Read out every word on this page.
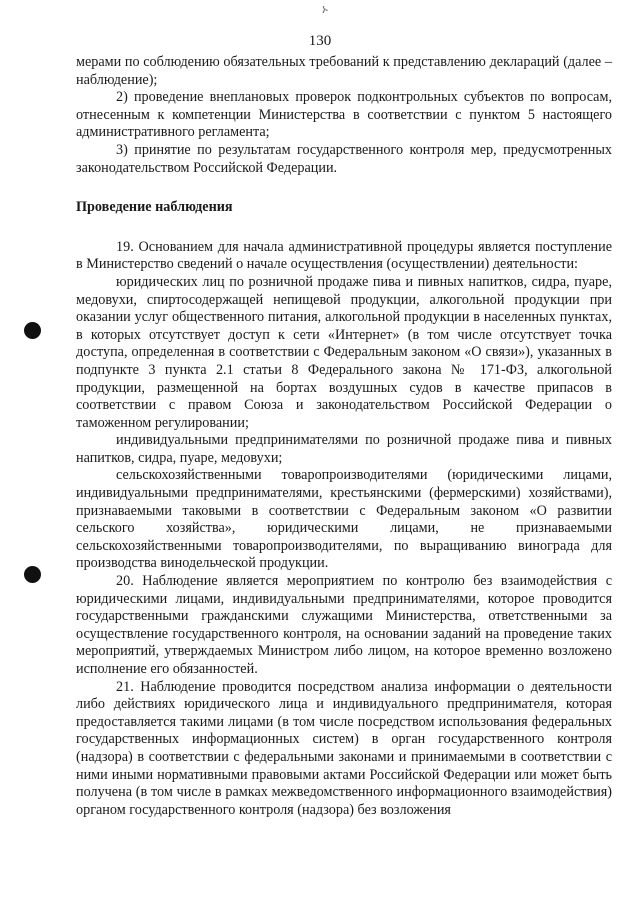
ኑ
130

мерами по соблюдению обязательных требований к представлению деклараций (далее – наблюдение);

2) проведение внеплановых проверок подконтрольных субъектов по вопросам, отнесенным к компетенции Министерства в соответствии с пунктом 5 настоящего административного регламента;

3) принятие по результатам государственного контроля мер, предусмотренных законодательством Российской Федерации.

Проведение наблюдения

19. Основанием для начала административной процедуры является поступление в Министерство сведений о начале осуществления (осуществлении) деятельности:

юридических лиц по розничной продаже пива и пивных напитков, сидра, пуаре, медовухи, спиртосодержащей непищевой продукции, алкогольной продукции при оказании услуг общественного питания, алкогольной продукции в населенных пунктах, в которых отсутствует доступ к сети «Интернет» (в том числе отсутствует точка доступа, определенная в соответствии с Федеральным законом «О связи»), указанных в подпункте 3 пункта 2.1 статьи 8 Федерального закона № 171-ФЗ, алкогольной продукции, размещенной на бортах воздушных судов в качестве припасов в соответствии с правом Союза и законодательством Российской Федерации о таможенном регулировании;

индивидуальными предпринимателями по розничной продаже пива и пивных напитков, сидра, пуаре, медовухи;

сельскохозяйственными товаропроизводителями (юридическими лицами, индивидуальными предпринимателями, крестьянскими (фермерскими) хозяйствами), признаваемыми таковыми в соответствии с Федеральным законом «О развитии сельского хозяйства», юридическими лицами, не признаваемыми сельскохозяйственными товаропроизводителями, по выращиванию винограда для производства винодельческой продукции.

20. Наблюдение является мероприятием по контролю без взаимодействия с юридическими лицами, индивидуальными предпринимателями, которое проводится государственными гражданскими служащими Министерства, ответственными за осуществление государственного контроля, на основании заданий на проведение таких мероприятий, утверждаемых Министром либо лицом, на которое временно возложено исполнение его обязанностей.

21. Наблюдение проводится посредством анализа информации о деятельности либо действиях юридического лица и индивидуального предпринимателя, которая предоставляется такими лицами (в том числе посредством использования федеральных государственных информационных систем) в орган государственного контроля (надзора) в соответствии с федеральными законами и принимаемыми в соответствии с ними иными нормативными правовыми актами Российской Федерации или может быть получена (в том числе в рамках межведомственного информационного взаимодействия) органом государственного контроля (надзора) без возложения
